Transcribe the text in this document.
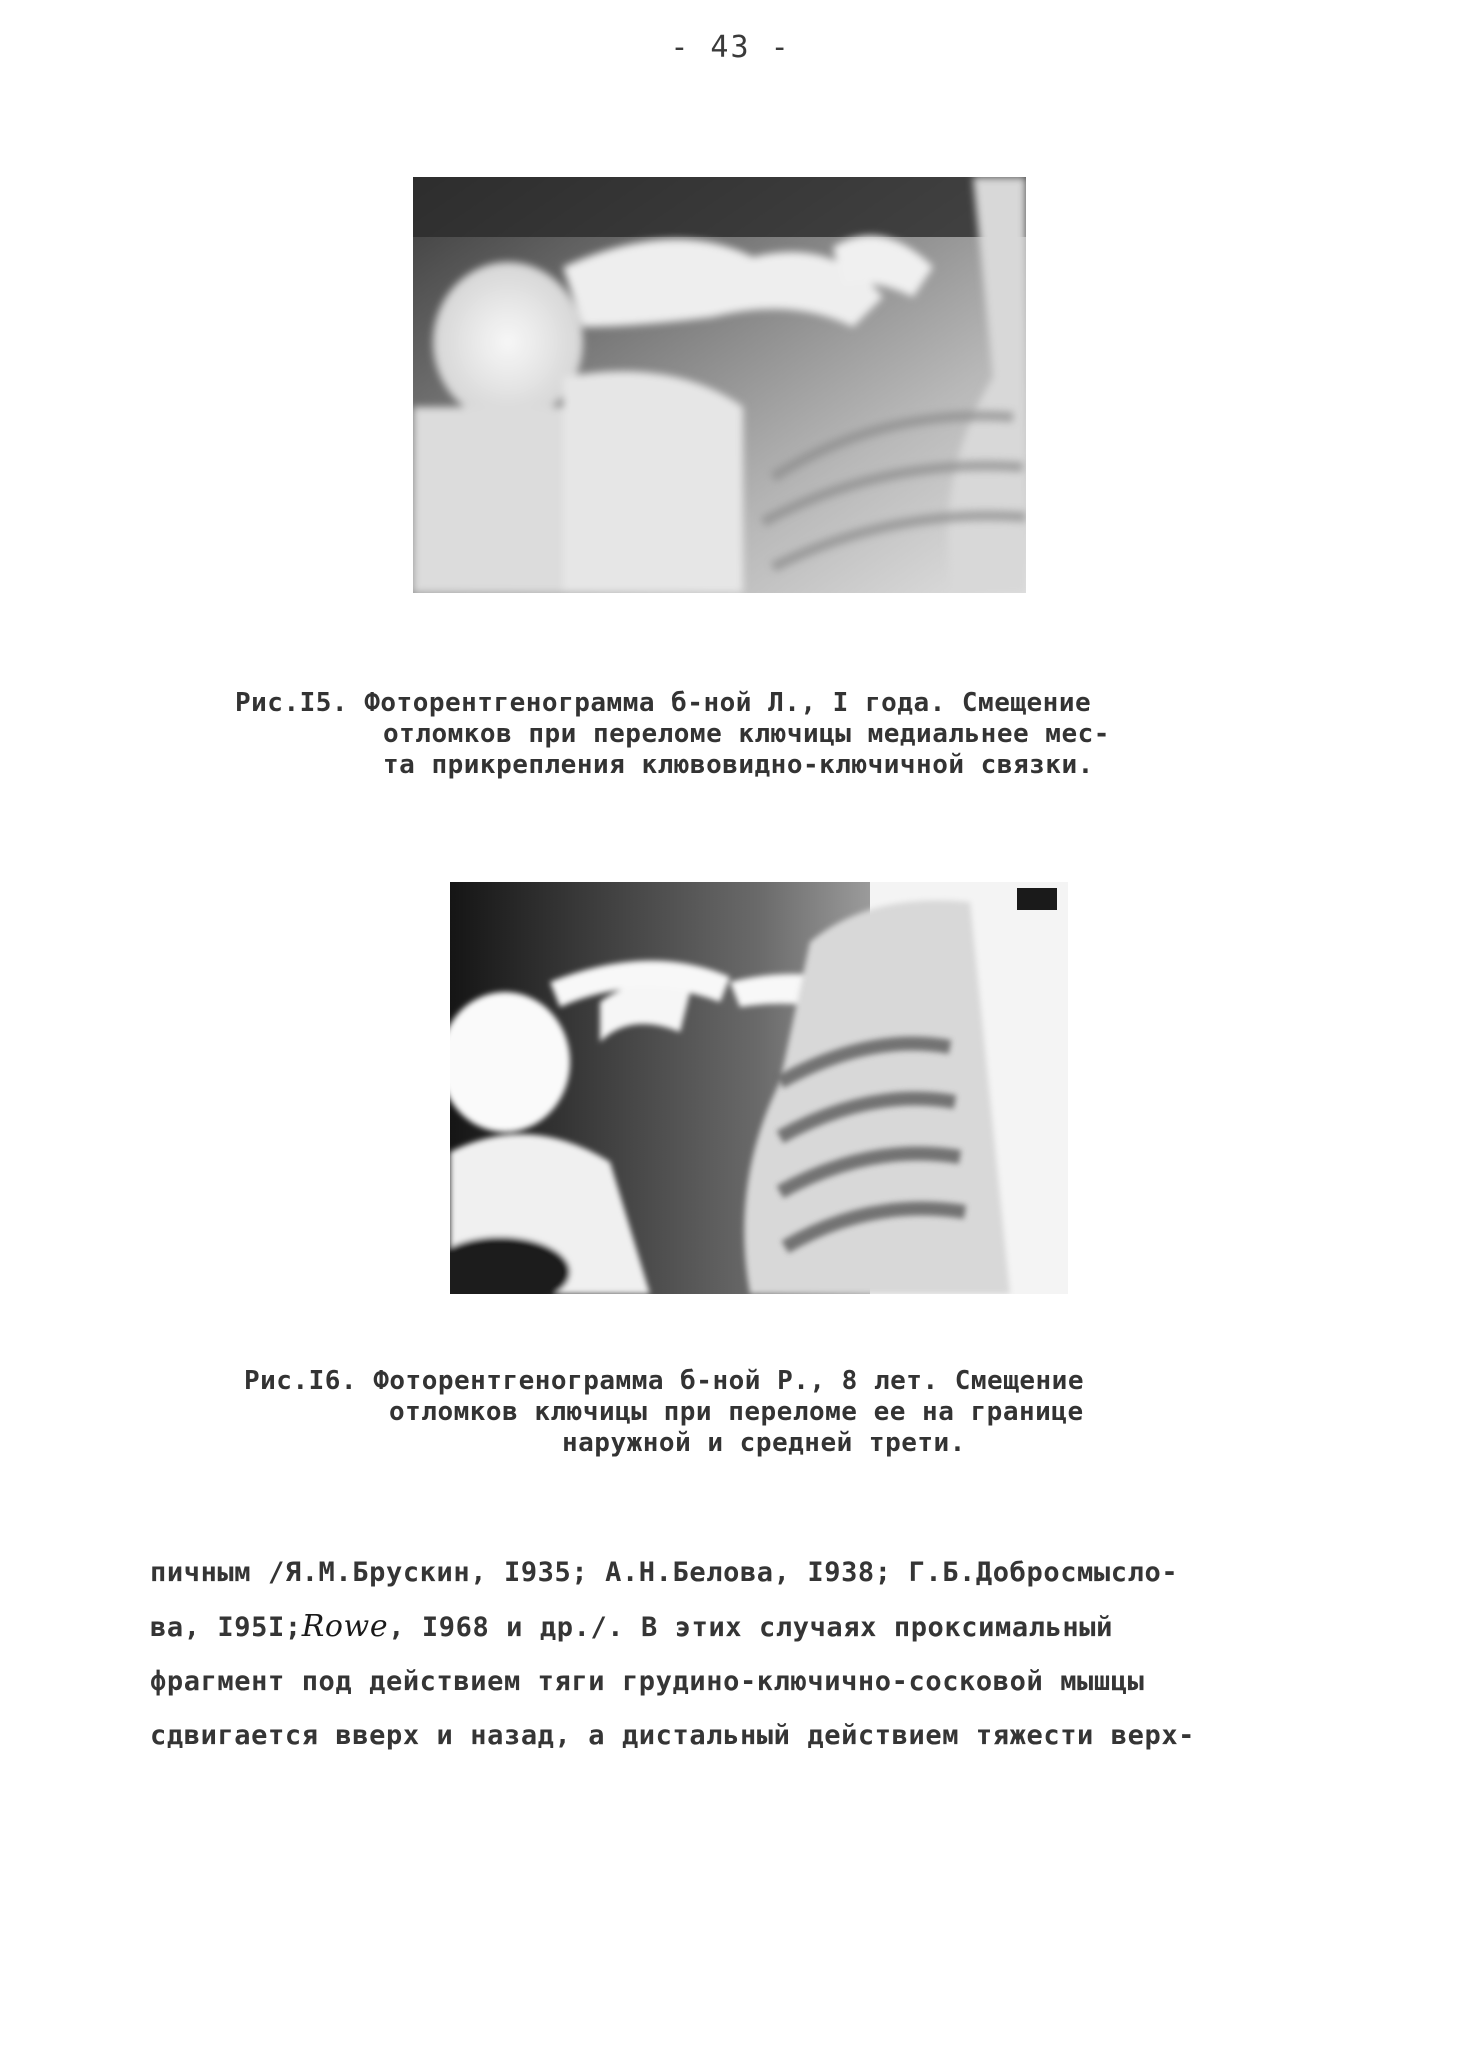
- 43 -
Рис.I5. Фоторентгенограмма б-ной Л., I года. Смещение
отломков при переломе ключицы медиальнее мес-
та прикрепления клювовидно-ключичной связки.
Рис.I6. Фоторентгенограмма б-ной Р., 8 лет. Смещение
отломков ключицы при переломе ее на границе
наружной и средней трети.
пичным /Я.М.Брускин, I935; А.Н.Белова, I938; Г.Б.Добросмысло-
ва, I95I;Rowe, I968 и др./. В этих случаях проксимальный
фрагмент под действием тяги грудино-ключично-сосковой мышцы
сдвигается вверх и назад, а дистальный действием тяжести верх-
